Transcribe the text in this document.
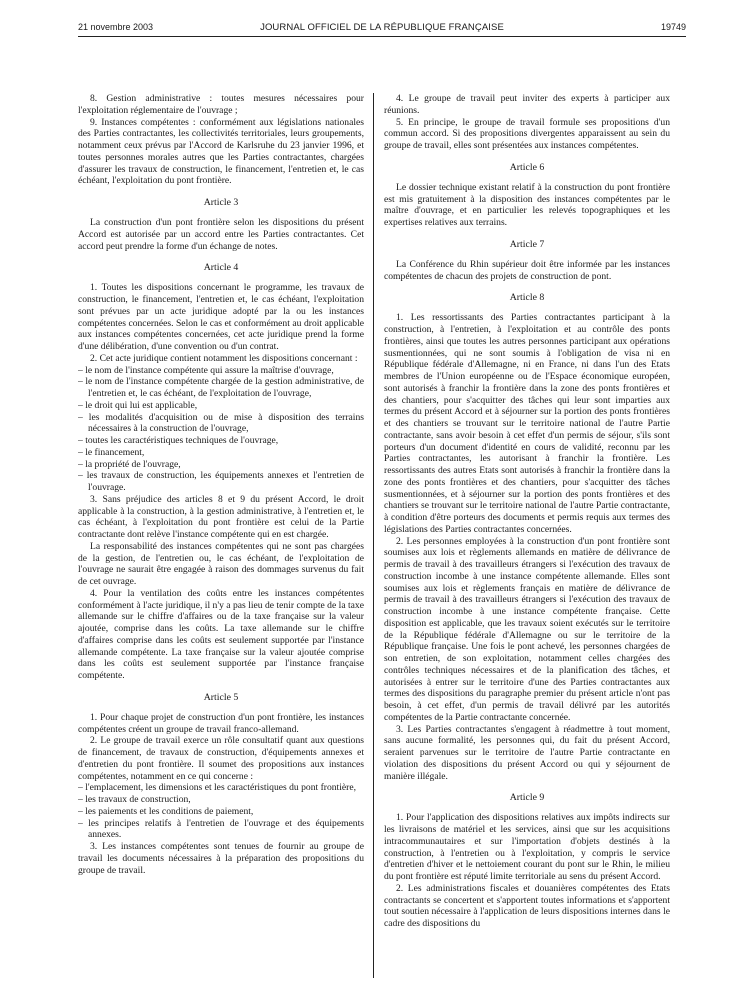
21 novembre 2003	JOURNAL OFFICIEL DE LA RÉPUBLIQUE FRANÇAISE	19749

8. Gestion administrative : toutes mesures nécessaires pour l'exploitation réglementaire de l'ouvrage ;

9. Instances compétentes : conformément aux législations nationales des Parties contractantes, les collectivités territoriales, leurs groupements, notamment ceux prévus par l'Accord de Karlsruhe du 23 janvier 1996, et toutes personnes morales autres que les Parties contractantes, chargées d'assurer les travaux de construction, le financement, l'entretien et, le cas échéant, l'exploitation du pont frontière.

Article 3

La construction d'un pont frontière selon les dispositions du présent Accord est autorisée par un accord entre les Parties contractantes. Cet accord peut prendre la forme d'un échange de notes.

Article 4

1. Toutes les dispositions concernant le programme, les travaux de construction, le financement, l'entretien et, le cas échéant, l'exploitation sont prévues par un acte juridique adopté par la ou les instances compétentes concernées. Selon le cas et conformément au droit applicable aux instances compétentes concernées, cet acte juridique prend la forme d'une délibération, d'une convention ou d'un contrat.

2. Cet acte juridique contient notamment les dispositions concernant :

– le nom de l'instance compétente qui assure la maîtrise d'ouvrage,
– le nom de l'instance compétente chargée de la gestion administrative, de l'entretien et, le cas échéant, de l'exploitation de l'ouvrage,
– le droit qui lui est applicable,
– les modalités d'acquisition ou de mise à disposition des terrains nécessaires à la construction de l'ouvrage,
– toutes les caractéristiques techniques de l'ouvrage,
– le financement,
– la propriété de l'ouvrage,
– les travaux de construction, les équipements annexes et l'entretien de l'ouvrage.

3. Sans préjudice des articles 8 et 9 du présent Accord, le droit applicable à la construction, à la gestion administrative, à l'entretien et, le cas échéant, à l'exploitation du pont frontière est celui de la Partie contractante dont relève l'instance compétente qui en est chargée.

La responsabilité des instances compétentes qui ne sont pas chargées de la gestion, de l'entretien ou, le cas échéant, de l'exploitation de l'ouvrage ne saurait être engagée à raison des dommages survenus du fait de cet ouvrage.

4. Pour la ventilation des coûts entre les instances compétentes conformément à l'acte juridique, il n'y a pas lieu de tenir compte de la taxe allemande sur le chiffre d'affaires ou de la taxe française sur la valeur ajoutée, comprise dans les coûts. La taxe allemande sur le chiffre d'affaires comprise dans les coûts est seulement supportée par l'instance allemande compétente. La taxe française sur la valeur ajoutée comprise dans les coûts est seulement supportée par l'instance française compétente.

Article 5

1. Pour chaque projet de construction d'un pont frontière, les instances compétentes créent un groupe de travail franco-allemand.

2. Le groupe de travail exerce un rôle consultatif quant aux questions de financement, de travaux de construction, d'équipements annexes et d'entretien du pont frontière. Il soumet des propositions aux instances compétentes, notamment en ce qui concerne :

– l'emplacement, les dimensions et les caractéristiques du pont frontière,
– les travaux de construction,
– les paiements et les conditions de paiement,
– les principes relatifs à l'entretien de l'ouvrage et des équipements annexes.

3. Les instances compétentes sont tenues de fournir au groupe de travail les documents nécessaires à la préparation des propositions du groupe de travail.

4. Le groupe de travail peut inviter des experts à participer aux réunions.

5. En principe, le groupe de travail formule ses propositions d'un commun accord. Si des propositions divergentes apparaissent au sein du groupe de travail, elles sont présentées aux instances compétentes.

Article 6

Le dossier technique existant relatif à la construction du pont frontière est mis gratuitement à la disposition des instances compétentes par le maître d'ouvrage, et en particulier les relevés topographiques et les expertises relatives aux terrains.

Article 7

La Conférence du Rhin supérieur doit être informée par les instances compétentes de chacun des projets de construction de pont.

Article 8

1. Les ressortissants des Parties contractantes participant à la construction, à l'entretien, à l'exploitation et au contrôle des ponts frontières, ainsi que toutes les autres personnes participant aux opérations susmentionnées, qui ne sont soumis à l'obligation de visa ni en République fédérale d'Allemagne, ni en France, ni dans l'un des Etats membres de l'Union européenne ou de l'Espace économique européen, sont autorisés à franchir la frontière dans la zone des ponts frontières et des chantiers, pour s'acquitter des tâches qui leur sont imparties aux termes du présent Accord et à séjourner sur la portion des ponts frontières et des chantiers se trouvant sur le territoire national de l'autre Partie contractante, sans avoir besoin à cet effet d'un permis de séjour, s'ils sont porteurs d'un document d'identité en cours de validité, reconnu par les Parties contractantes, les autorisant à franchir la frontière. Les ressortissants des autres Etats sont autorisés à franchir la frontière dans la zone des ponts frontières et des chantiers, pour s'acquitter des tâches susmentionnées, et à séjourner sur la portion des ponts frontières et des chantiers se trouvant sur le territoire national de l'autre Partie contractante, à condition d'être porteurs des documents et permis requis aux termes des législations des Parties contractantes concernées.

2. Les personnes employées à la construction d'un pont frontière sont soumises aux lois et règlements allemands en matière de délivrance de permis de travail à des travailleurs étrangers si l'exécution des travaux de construction incombe à une instance compétente allemande. Elles sont soumises aux lois et règlements français en matière de délivrance de permis de travail à des travailleurs étrangers si l'exécution des travaux de construction incombe à une instance compétente française. Cette disposition est applicable, que les travaux soient exécutés sur le territoire de la République fédérale d'Allemagne ou sur le territoire de la République française. Une fois le pont achevé, les personnes chargées de son entretien, de son exploitation, notamment celles chargées des contrôles techniques nécessaires et de la planification des tâches, et autorisées à entrer sur le territoire d'une des Parties contractantes aux termes des dispositions du paragraphe premier du présent article n'ont pas besoin, à cet effet, d'un permis de travail délivré par les autorités compétentes de la Partie contractante concernée.

3. Les Parties contractantes s'engagent à réadmettre à tout moment, sans aucune formalité, les personnes qui, du fait du présent Accord, seraient parvenues sur le territoire de l'autre Partie contractante en violation des dispositions du présent Accord ou qui y séjournent de manière illégale.

Article 9

1. Pour l'application des dispositions relatives aux impôts indirects sur les livraisons de matériel et les services, ainsi que sur les acquisitions intracommunautaires et sur l'importation d'objets destinés à la construction, à l'entretien ou à l'exploitation, y compris le service d'entretien d'hiver et le nettoiement courant du pont sur le Rhin, le milieu du pont frontière est réputé limite territoriale au sens du présent Accord.

2. Les administrations fiscales et douanières compétentes des Etats contractants se concertent et s'apportent toutes informations et s'apportent tout soutien nécessaire à l'application de leurs dispositions internes dans le cadre des dispositions du
